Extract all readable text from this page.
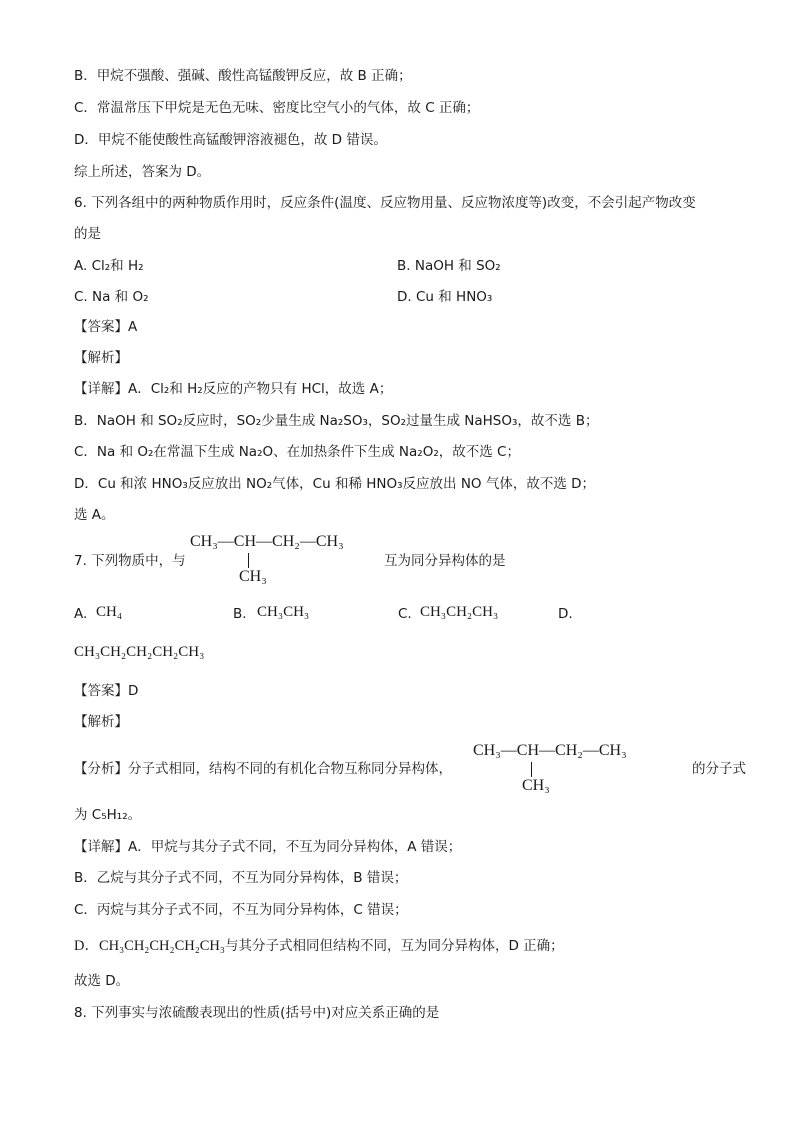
B．甲烷不强酸、强碱、酸性高锰酸钾反应，故 B 正确；
C．常温常压下甲烷是无色无味、密度比空气小的气体，故 C 正确；
D．甲烷不能使酸性高锰酸钾溶液褪色，故 D 错误。
综上所述，答案为 D。
6. 下列各组中的两种物质作用时，反应条件(温度、反应物用量、反应物浓度等)改变，不会引起产物改变
的是
A. Cl₂和 H₂	B. NaOH 和 SO₂
C. Na 和 O₂	D. Cu 和 HNO₃
【答案】A
【解析】
【详解】A．Cl₂和 H₂反应的产物只有 HCl，故选 A；
B．NaOH 和 SO₂反应时，SO₂少量生成 Na₂SO₃，SO₂过量生成 NaHSO₃，故不选 B；
C．Na 和 O₂在常温下生成 Na₂O、在加热条件下生成 Na₂O₂，故不选 C；
D．Cu 和浓 HNO₃反应放出 NO₂气体，Cu 和稀 HNO₃反应放出 NO 气体，故不选 D；
选 A。
7. 下列物质中，与
CH₃—CH—CH₂—CH₃
CH₃
互为同分异构体的是
A. CH₄	B. CH₃CH₃	C. CH₃CH₂CH₃	D.
CH₃CH₂CH₂CH₂CH₃
【答案】D
【解析】
【分析】分子式相同，结构不同的有机化合物互称同分异构体，
CH₃—CH—CH₂—CH₃
CH₃
的分子式
为 C₅H₁₂。
【详解】A．甲烷与其分子式不同，不互为同分异构体，A 错误；
B．乙烷与其分子式不同，不互为同分异构体，B 错误；
C．丙烷与其分子式不同，不互为同分异构体，C 错误；
D．CH₃CH₂CH₂CH₂CH₃与其分子式相同但结构不同，互为同分异构体，D 正确；
故选 D。
8. 下列事实与浓硫酸表现出的性质(括号中)对应关系正确的是
